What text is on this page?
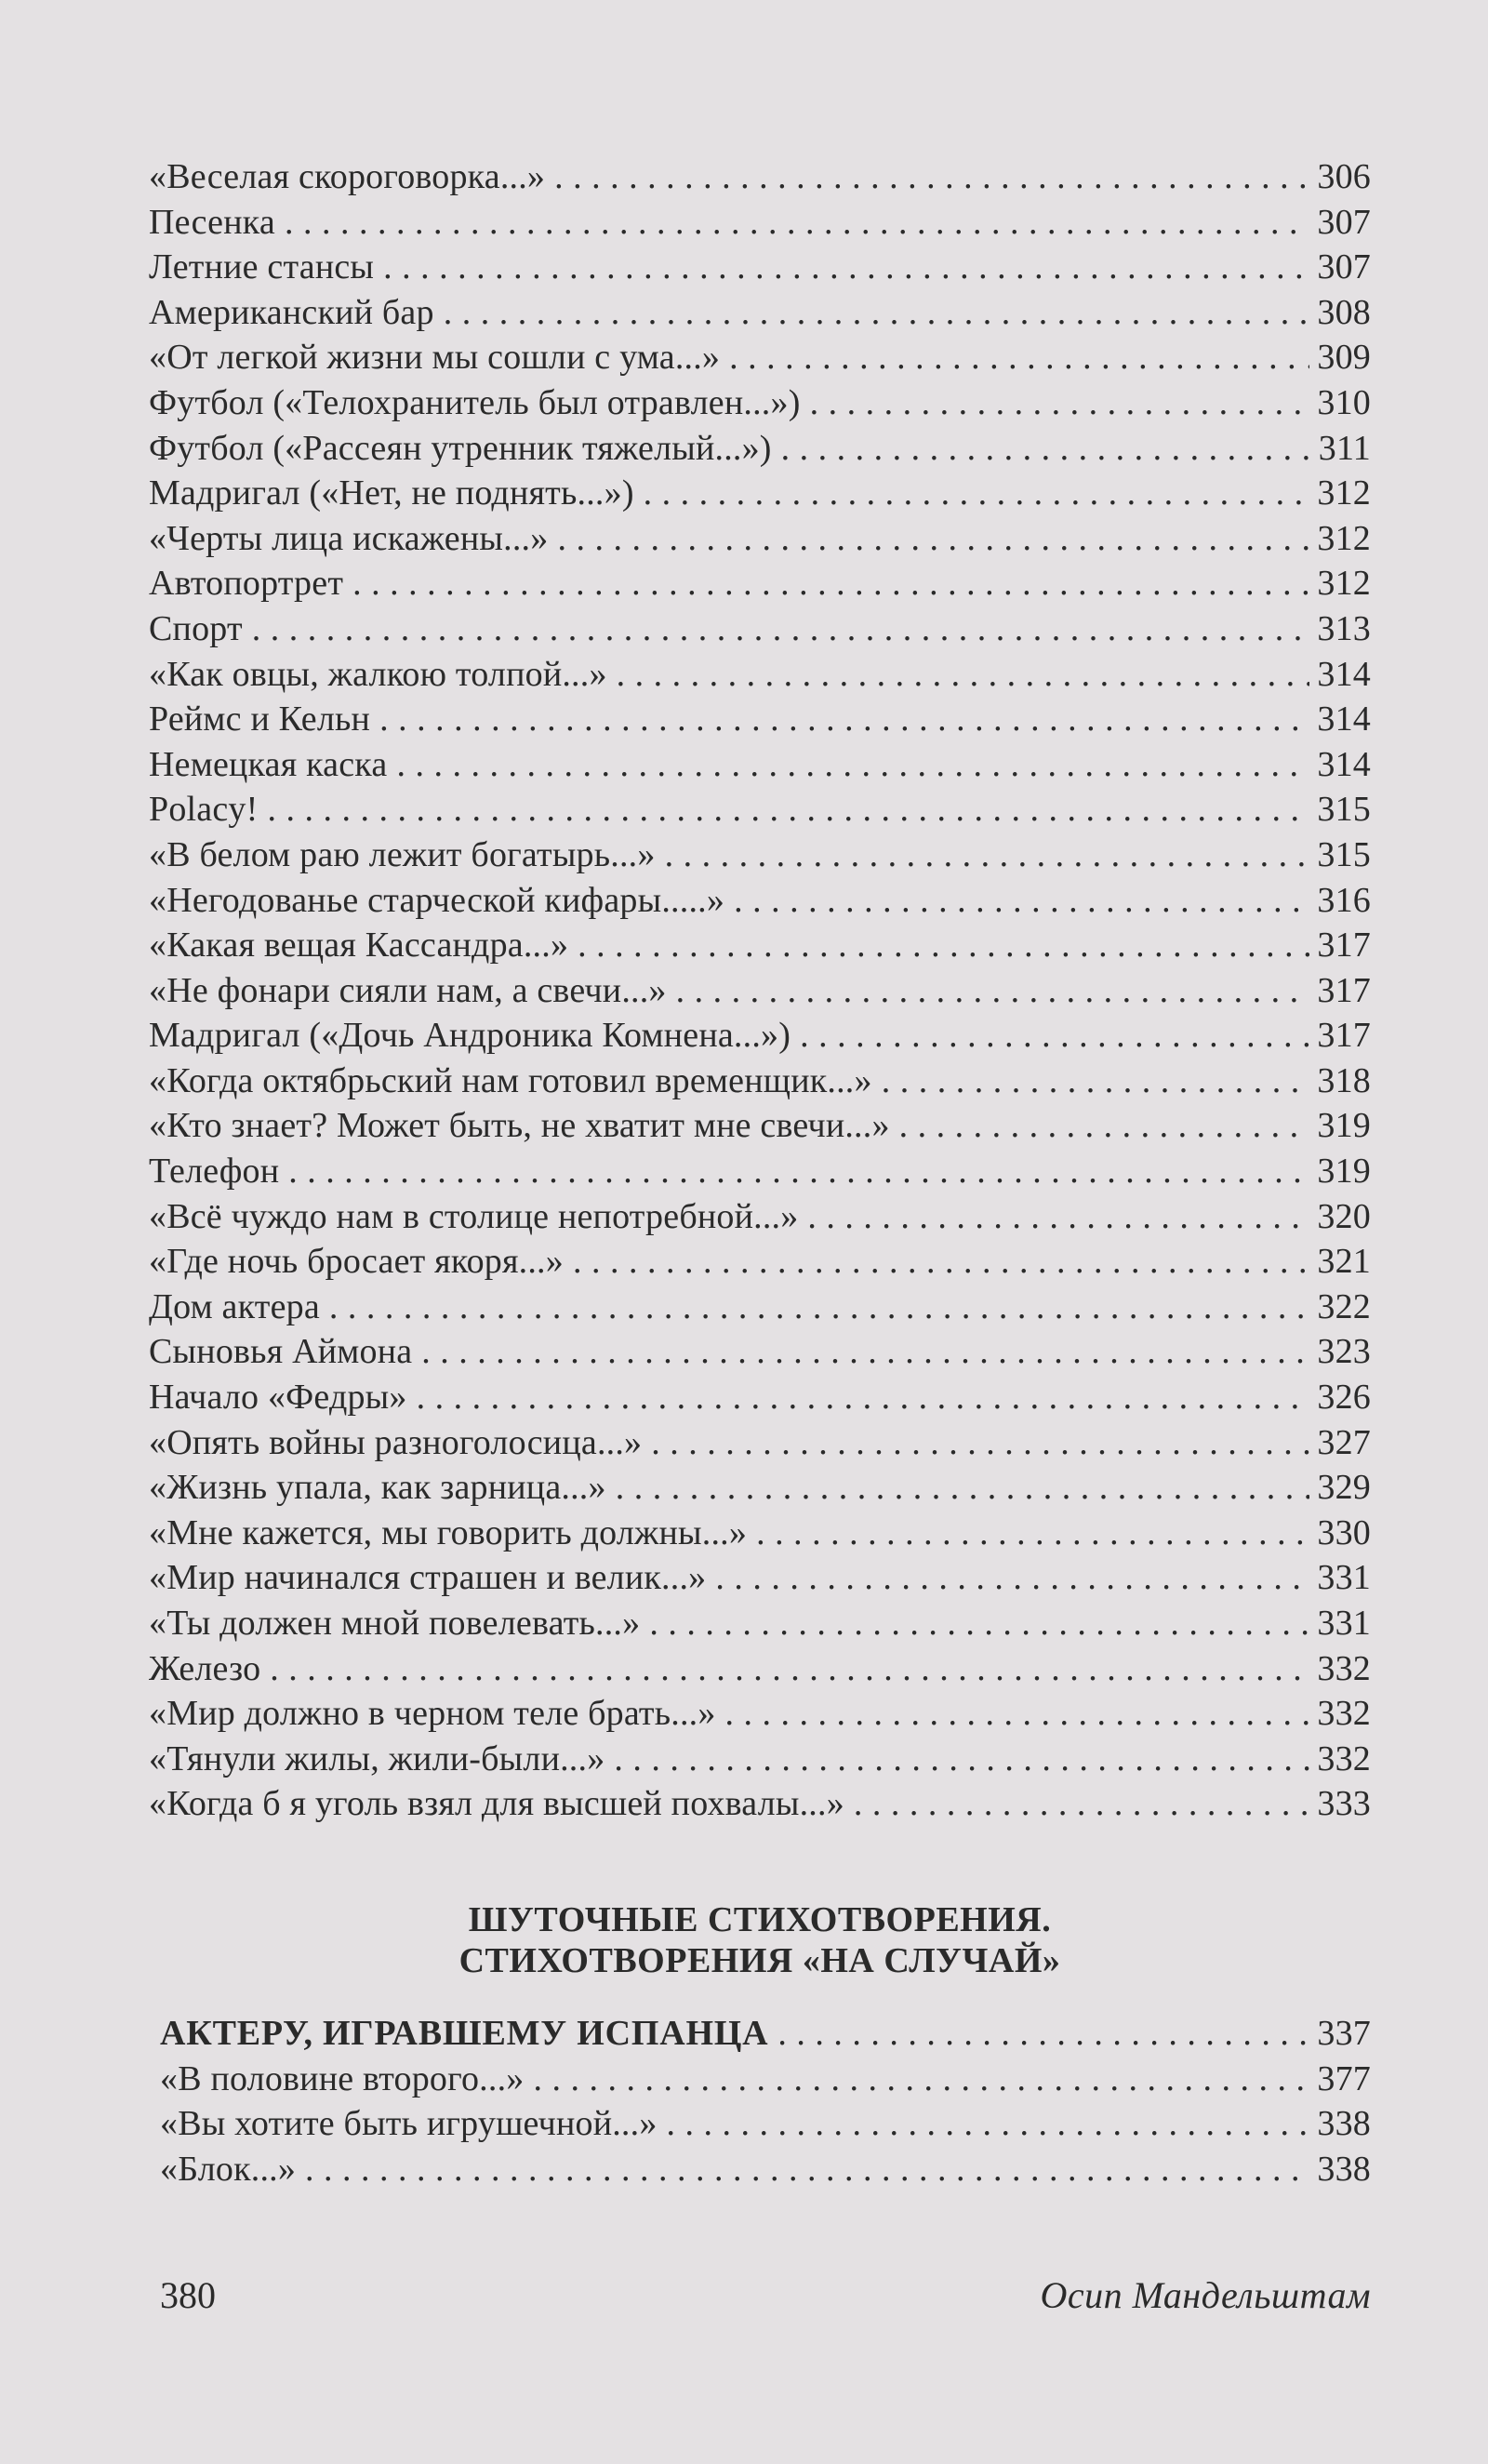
«Веселая скороговорка...» . . .	306
Песенка . . .	307
Летние стансы . . .	307
Американский бар . . .	308
«От легкой жизни мы сошли с ума...» . . .	309
Футбол («Телохранитель был отравлен...») . . .	310
Футбол («Рассеян утренник тяжелый...») . . .	311
Мадригал («Нет, не поднять...») . . .	312
«Черты лица искажены...» . . .	312
Автопортрет . . .	312
Спорт . . .	313
«Как овцы, жалкою толпой...» . . .	314
Реймс и Кельн . . .	314
Немецкая каска . . .	314
Polacy! . . .	315
«В белом раю лежит богатырь...» . . .	315
«Негодованье старческой кифары.....» . . .	316
«Какая вещая Кассандра...» . . .	317
«Не фонари сияли нам, а свечи...» . . .	317
Мадригал («Дочь Андроника Комнена...») . . .	317
«Когда октябрьский нам готовил временщик...» . . .	318
«Кто знает? Может быть, не хватит мне свечи...» . . .	319
Телефон . . .	319
«Всё чуждо нам в столице непотребной...» . . .	320
«Где ночь бросает якоря...» . . .	321
Дом актера . . .	322
Сыновья Аймона . . .	323
Начало «Федры» . . .	326
«Опять войны разноголосица...» . . .	327
«Жизнь упала, как зарница...» . . .	329
«Мне кажется, мы говорить должны...» . . .	330
«Мир начинался страшен и велик...» . . .	331
«Ты должен мной повелевать...» . . .	331
Железо . . .	332
«Мир должно в черном теле брать...» . . .	332
«Тянули жилы, жили-были...» . . .	332
«Когда б я уголь взял для высшей похвалы...» . . .	333
ШУТОЧНЫЕ СТИХОТВОРЕНИЯ.
СТИХОТВОРЕНИЯ «НА СЛУЧАЙ»
АКТЕРУ, ИГРАВШЕМУ ИСПАНЦА . . .	337
«В половине второго...» . . .	377
«Вы хотите быть игрушечной...» . . .	338
«Блок...» . . .	338
380	Осип Мандельштам
